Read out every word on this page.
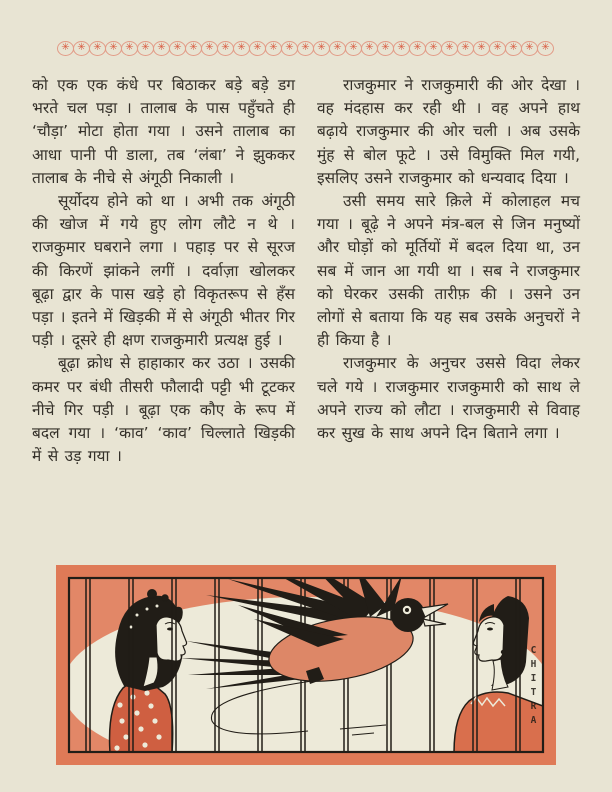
✳ ✳ ✳ ✳ ✳ ✳ ✳ ✳ ✳ ✳ ✳ ✳ ✳ ✳ ✳ ✳ ✳ ✳ ✳ ✳ ✳ ✳ ✳ ✳ ✳ ✳ ✳ ✳ ✳ ✳ ✳

को एक एक कंधे पर बिठाकर बड़े बड़े डग भरते चल पड़ा । तालाब के पास पहुँचते ही ‘चौड़ा’ मोटा होता गया । उसने तालाब का आधा पानी पी डाला, तब ‘लंबा’ ने झुककर तालाब के नीचे से अंगूठी निकाली ।

सूर्योदय होने को था । अभी तक अंगूठी की खोज में गये हुए लोग लौटे न थे । राजकुमार घबराने लगा । पहाड़ पर से सूरज की किरणें झांकने लगीं । दर्वाज़ा खोलकर बूढ़ा द्वार के पास खड़े हो विकृतरूप से हँस पड़ा । इतने में खिड़की में से अंगूठी भीतर गिर पड़ी । दूसरे ही क्षण राजकुमारी प्रत्यक्ष हुई ।

बूढ़ा क्रोध से हाहाकार कर उठा । उसकी कमर पर बंधी तीसरी फौलादी पट्टी भी टूटकर नीचे गिर पड़ी । बूढ़ा एक कौए के रूप में बदल गया । ‘काव’ ‘काव’ चिल्लाते खिड़की में से उड़ गया ।

राजकुमार ने राजकुमारी की ओर देखा । वह मंदहास कर रही थी । वह अपने हाथ बढ़ाये राजकुमार की ओर चली । अब उसके मुंह से बोल फूटे । उसे विमुक्ति मिल गयी, इसलिए उसने राजकुमार को धन्यवाद दिया ।

उसी समय सारे क़िले में कोलाहल मच गया । बूढ़े ने अपने मंत्र-बल से जिन मनुष्यों और घोड़ों को मूर्तियों में बदल दिया था, उन सब में जान आ गयी था । सब ने राजकुमार को घेरकर उसकी तारीफ़ की । उसने उन लोगों से बताया कि यह सब उसके अनुचरों ने ही किया है ।

राजकुमार के अनुचर उससे विदा लेकर चले गये । राजकुमार राजकुमारी को साथ ले अपने राज्य को लौटा । राजकुमारी से विवाह कर सुख के साथ अपने दिन बिताने लगा ।

CHITRA
